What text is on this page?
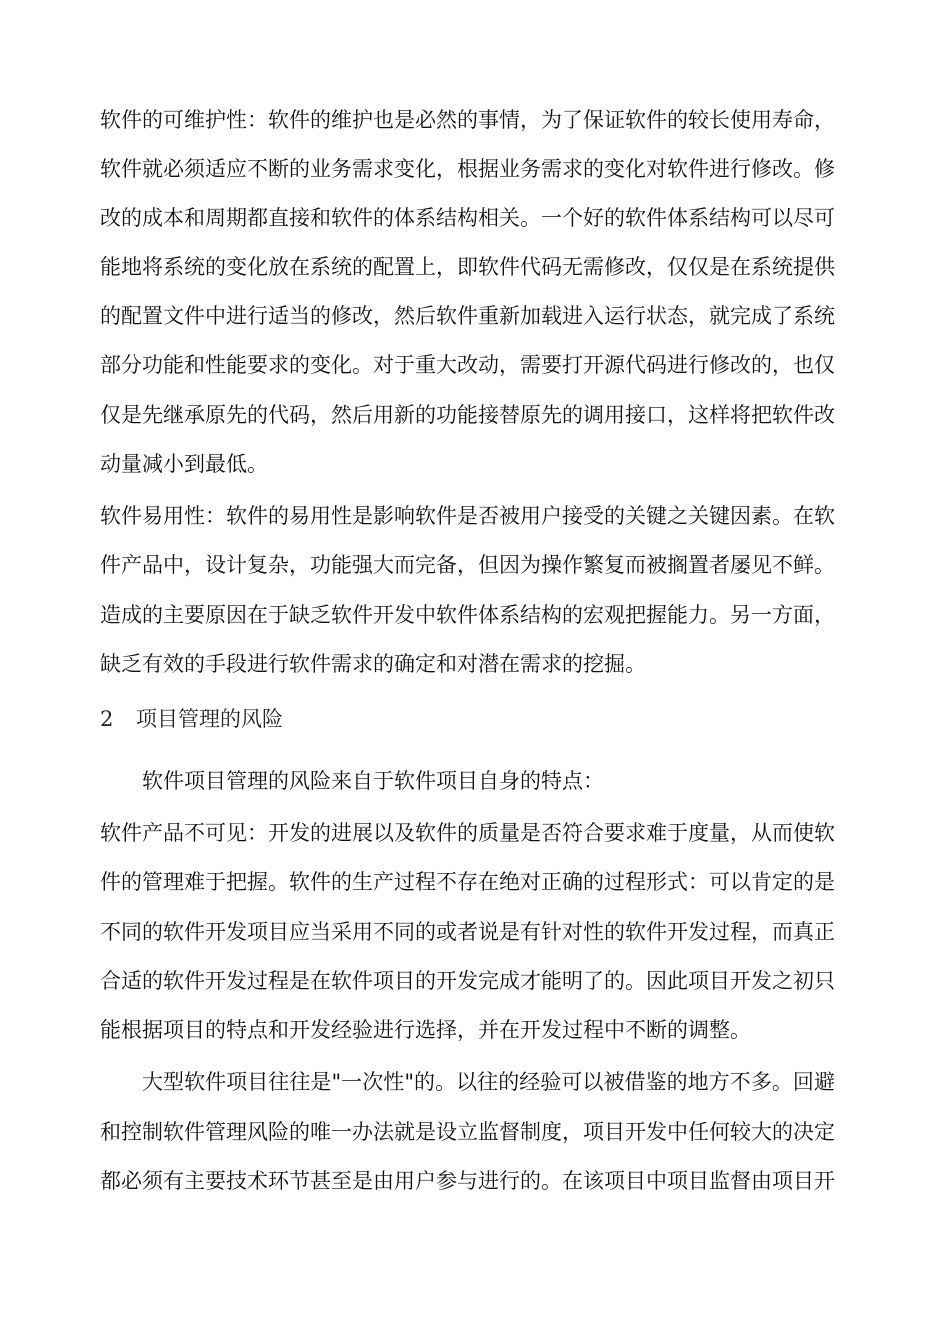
软件的可维护性：软件的维护也是必然的事情，为了保证软件的较长使用寿命，
软件就必须适应不断的业务需求变化，根据业务需求的变化对软件进行修改。修
改的成本和周期都直接和软件的体系结构相关。一个好的软件体系结构可以尽可
能地将系统的变化放在系统的配置上，即软件代码无需修改，仅仅是在系统提供
的配置文件中进行适当的修改，然后软件重新加载进入运行状态，就完成了系统
部分功能和性能要求的变化。对于重大改动，需要打开源代码进行修改的，也仅
仅是先继承原先的代码，然后用新的功能接替原先的调用接口，这样将把软件改
动量减小到最低。
软件易用性：软件的易用性是影响软件是否被用户接受的关键之关键因素。在软
件产品中，设计复杂，功能强大而完备，但因为操作繁复而被搁置者屡见不鲜。
造成的主要原因在于缺乏软件开发中软件体系结构的宏观把握能力。另一方面，
缺乏有效的手段进行软件需求的确定和对潜在需求的挖掘。
2 项目管理的风险
软件项目管理的风险来自于软件项目自身的特点：
软件产品不可见：开发的进展以及软件的质量是否符合要求难于度量，从而使软
件的管理难于把握。软件的生产过程不存在绝对正确的过程形式：可以肯定的是
不同的软件开发项目应当采用不同的或者说是有针对性的软件开发过程，而真正
合适的软件开发过程是在软件项目的开发完成才能明了的。因此项目开发之初只
能根据项目的特点和开发经验进行选择，并在开发过程中不断的调整。
大型软件项目往往是"一次性"的。以往的经验可以被借鉴的地方不多。回避
和控制软件管理风险的唯一办法就是设立监督制度，项目开发中任何较大的决定
都必须有主要技术环节甚至是由用户参与进行的。在该项目中项目监督由项目开
